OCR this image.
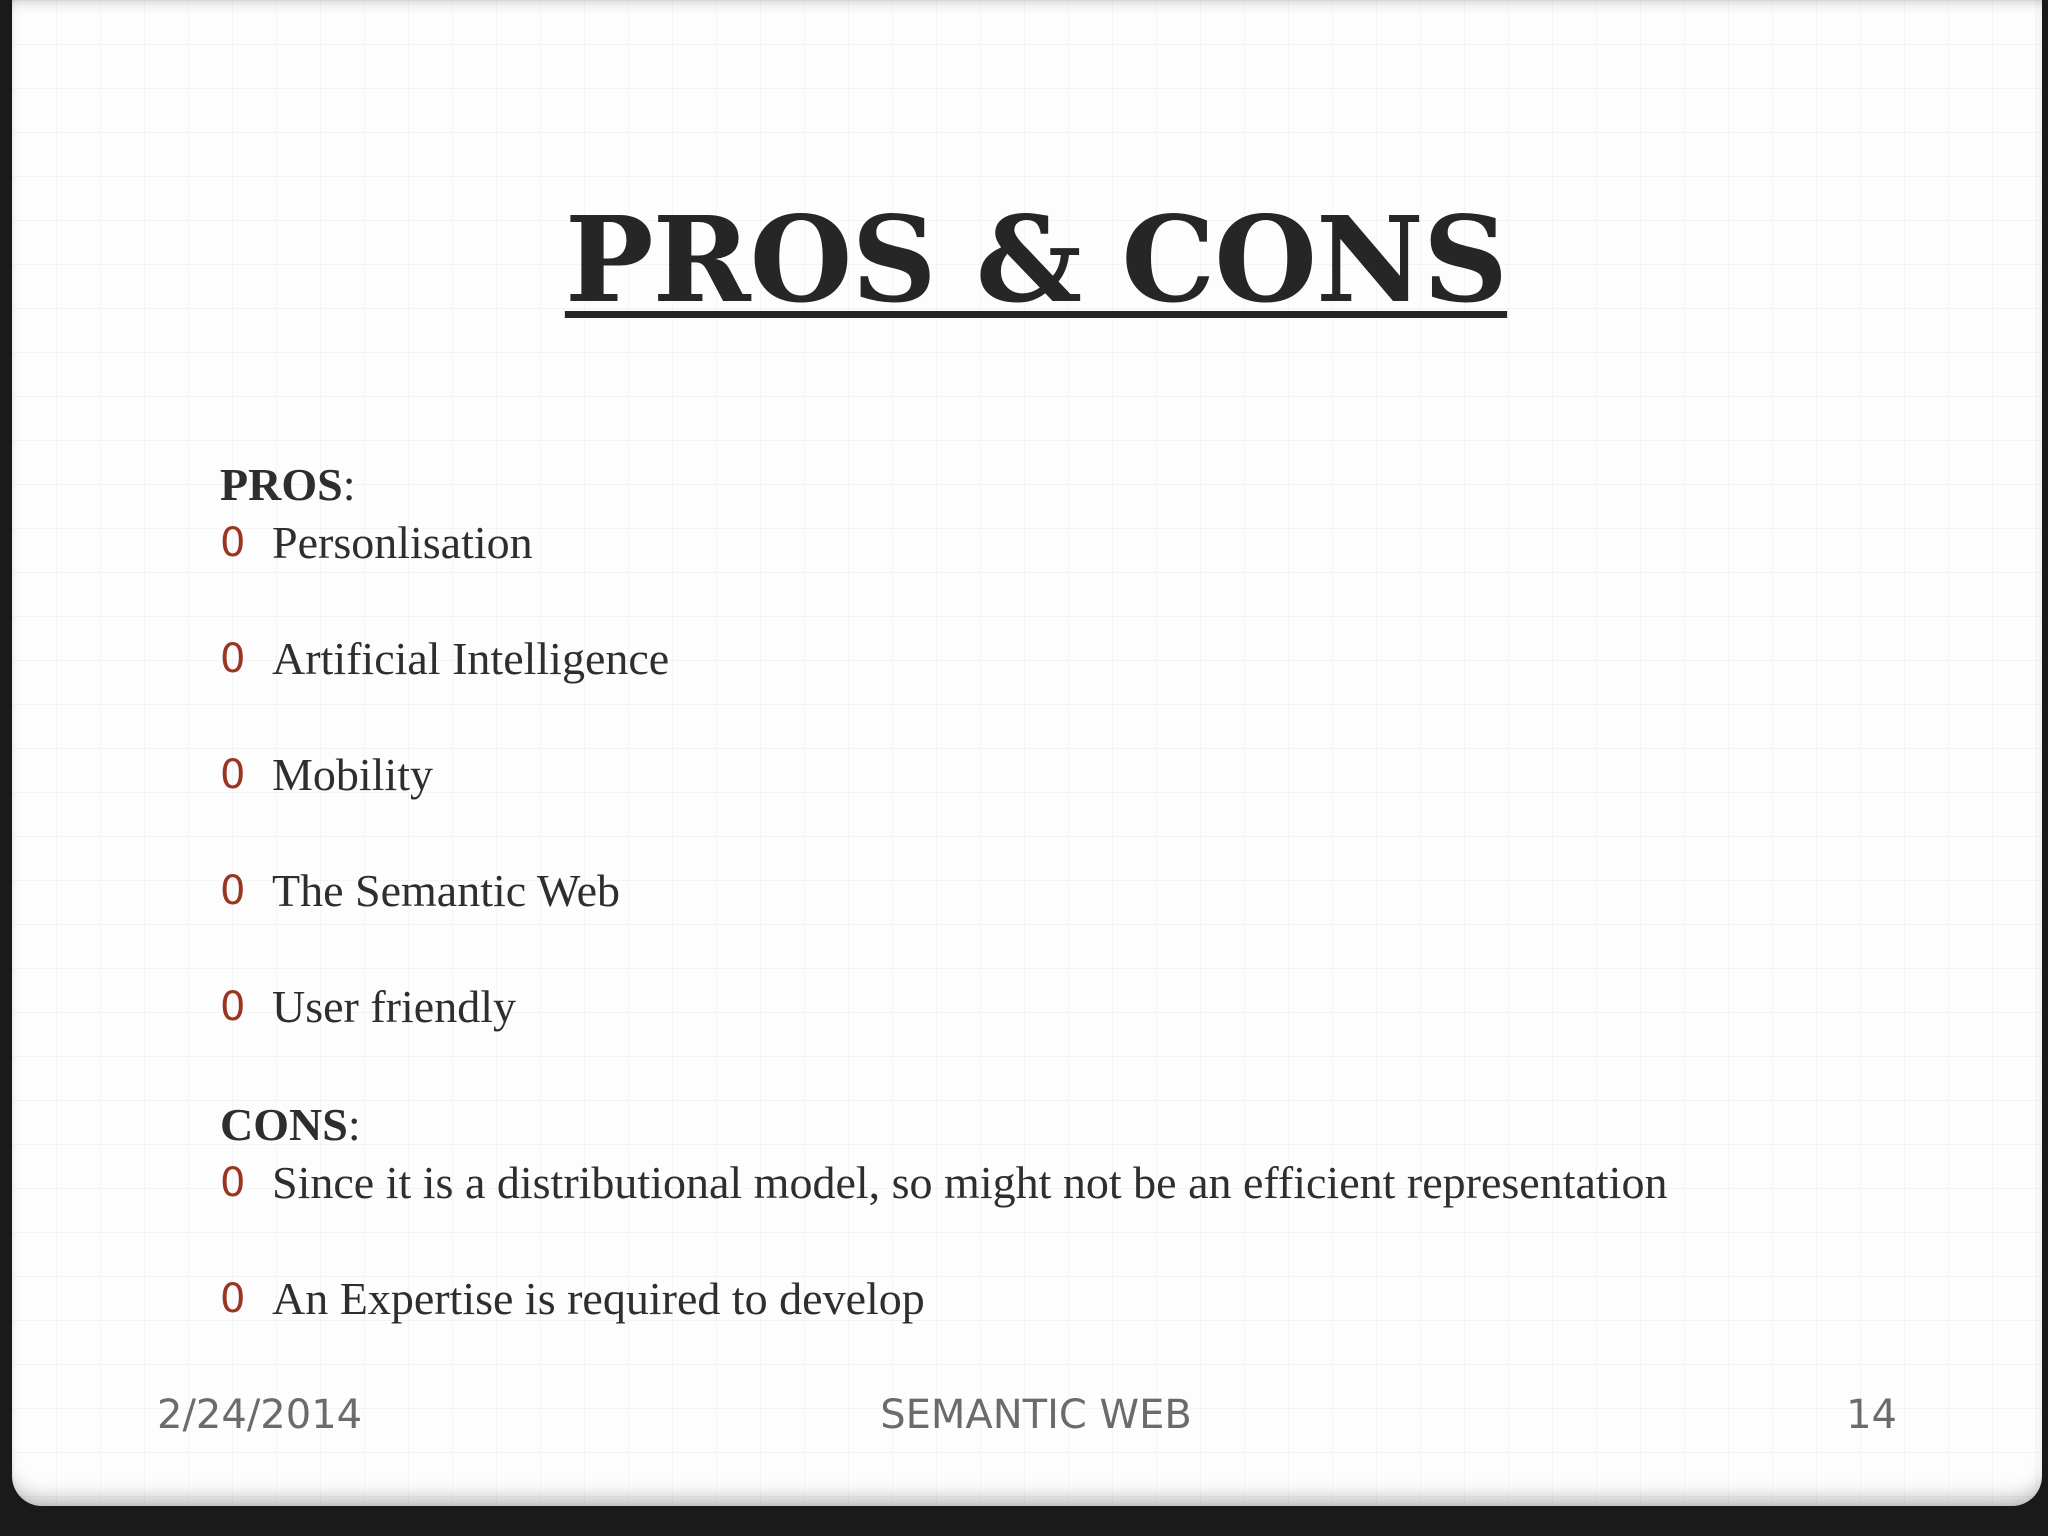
PROS & CONS
PROS:
0 Personlisation
0 Artificial Intelligence
0 Mobility
0 The Semantic Web
0 User friendly
CONS:
0 Since it is a distributional model, so might not be an efficient representation
0 An Expertise is required to develop
2/24/2014	SEMANTIC WEB	14
